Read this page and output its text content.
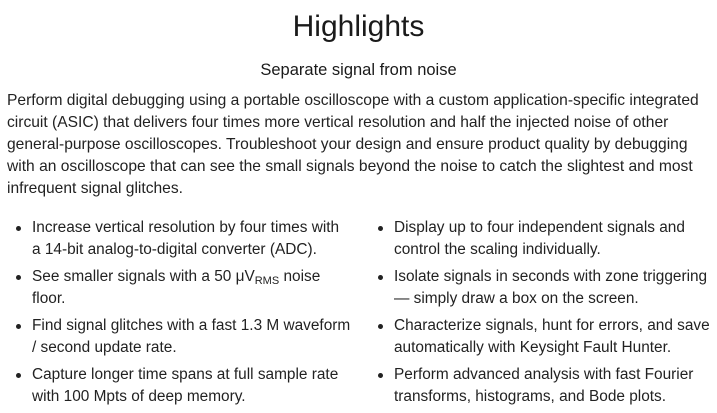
Highlights
Separate signal from noise

Perform digital debugging using a portable oscilloscope with a custom application-specific integrated circuit (ASIC) that delivers four times more vertical resolution and half the injected noise of other general-purpose oscilloscopes. Troubleshoot your design and ensure product quality by debugging with an oscilloscope that can see the small signals beyond the noise to catch the slightest and most infrequent signal glitches.

Increase vertical resolution by four times with
a 14-bit analog-to-digital converter (ADC).
See smaller signals with a 50 $\mu V_{RMS}$ noise
floor.
Find signal glitches with a fast 1.3 M waveform
/ second update rate.
Capture longer time spans at full sample rate
with 100 Mpts of deep memory.
Display up to four independent signals and
control the scaling individually.
Isolate signals in seconds with zone triggering
— simply draw a box on the screen.
Characterize signals, hunt for errors, and save
automatically with Keysight Fault Hunter.
Perform advanced analysis with fast Fourier
transforms, histograms, and Bode plots.
